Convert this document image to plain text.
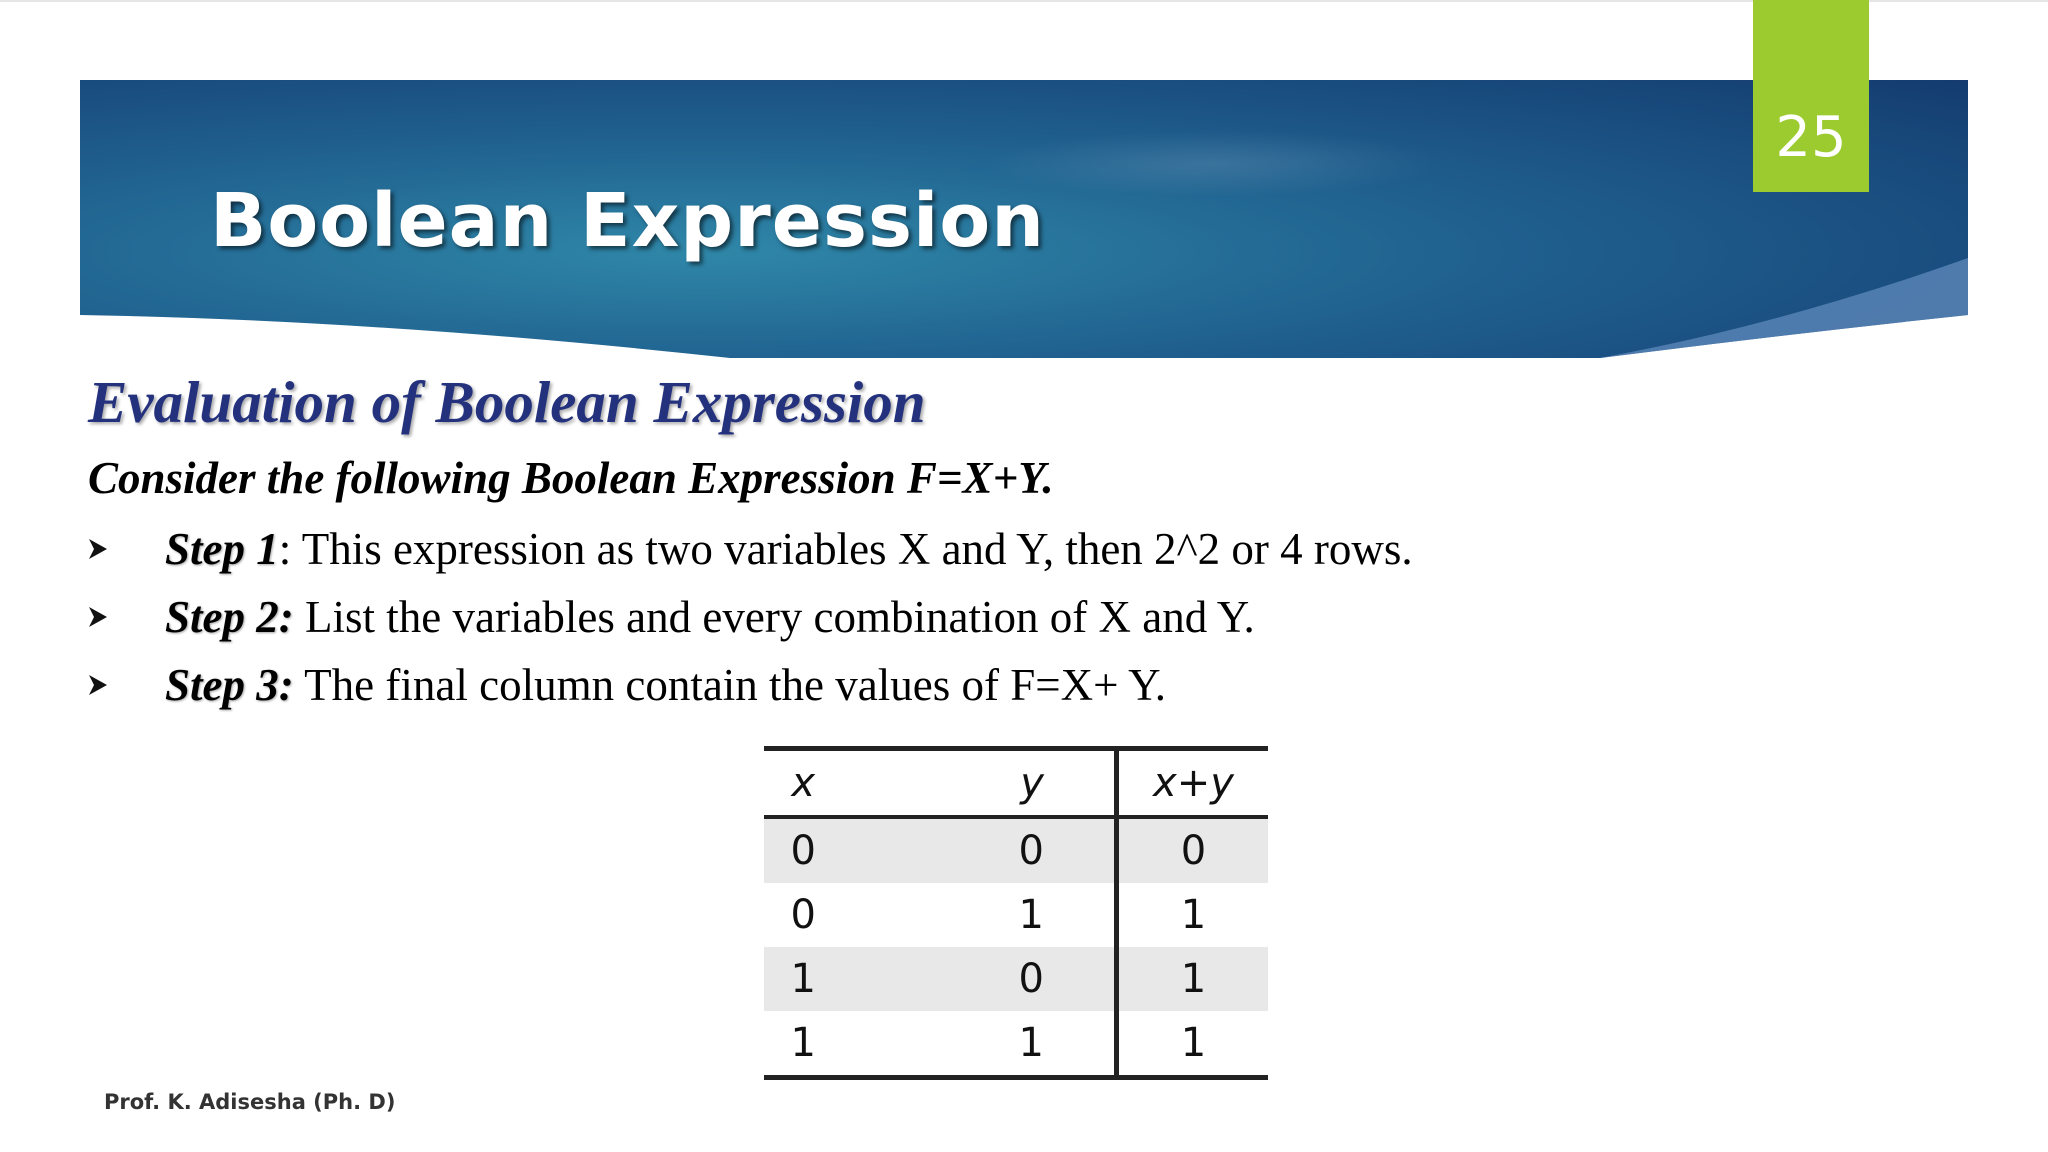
Boolean Expression
25
Evaluation of Boolean Expression

Consider the following Boolean Expression F=X+Y.

Step 1: This expression as two variables X and Y, then 2^2 or 4 rows.
Step 2: List the variables and every combination of X and Y.
Step 3: The final column contain the values of F=X+ Y.
x	y	x+y
0	0	0
0	1	1
1	0	1
1	1	1

Prof. K. Adisesha (Ph. D)
